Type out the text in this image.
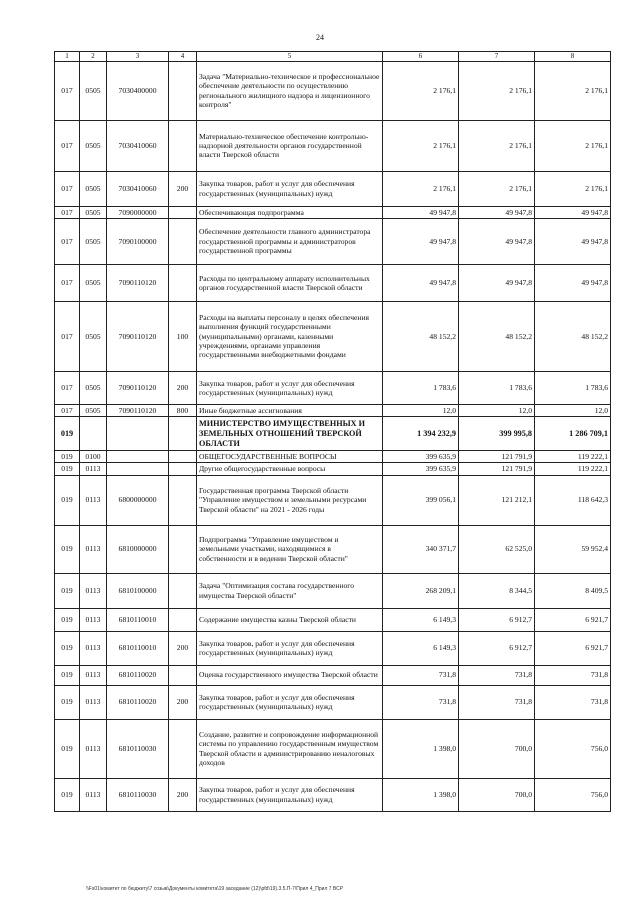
24
1	2	3	4	5	6	7	8
017	0505	7030400000		Задача "Материально-техническое и профессиональное обеспечение деятельности по осуществлению регионального жилищного надзора и лицензионного контроля"	2 176,1	2 176,1	2 176,1
017	0505	7030410060		Материально-техническое обеспечение контрольно-надзорной деятельности органов государственной власти Тверской области	2 176,1	2 176,1	2 176,1
017	0505	7030410060	200	Закупка товаров, работ и услуг для обеспечения государственных (муниципальных) нужд	2 176,1	2 176,1	2 176,1
017	0505	7090000000		Обеспечивающая подпрограмма	49 947,8	49 947,8	49 947,8
017	0505	7090100000		Обеспечение деятельности главного администратора государственной программы и администраторов государственной программы	49 947,8	49 947,8	49 947,8
017	0505	7090110120		Расходы по центральному аппарату исполнительных органов государственной власти Тверской области	49 947,8	49 947,8	49 947,8
017	0505	7090110120	100	Расходы на выплаты персоналу в целях обеспечения выполнения функций государственными (муниципальными) органами, казенными учреждениями, органами управления государственными внебюджетными фондами	48 152,2	48 152,2	48 152,2
017	0505	7090110120	200	Закупка товаров, работ и услуг для обеспечения государственных (муниципальных) нужд	1 783,6	1 783,6	1 783,6
017	0505	7090110120	800	Иные бюджетные ассигнования	12,0	12,0	12,0
019				МИНИСТЕРСТВО ИМУЩЕСТВЕННЫХ И ЗЕМЕЛЬНЫХ ОТНОШЕНИЙ ТВЕРСКОЙ ОБЛАСТИ	1 394 232,9	399 995,8	1 286 709,1
019	0100			ОБЩЕГОСУДАРСТВЕННЫЕ ВОПРОСЫ	399 635,9	121 791,9	119 222,1
019	0113			Другие общегосударственные вопросы	399 635,9	121 791,9	119 222,1
019	0113	6800000000		Государственная программа Тверской области "Управление имуществом и земельными ресурсами Тверской области" на 2021 - 2026 годы	399 056,1	121 212,1	118 642,3
019	0113	6810000000		Подпрограмма "Управление имуществом и земельными участками, находящимися в собственности и в ведении Тверской области"	340 371,7	62 525,0	59 952,4
019	0113	6810100000		Задача "Оптимизация состава государственного имущества Тверской области"	268 209,1	8 344,5	8 409,5
019	0113	6810110010		Содержание имущества казны Тверской области	6 149,3	6 912,7	6 921,7
019	0113	6810110010	200	Закупка товаров, работ и услуг для обеспечения государственных (муниципальных) нужд	6 149,3	6 912,7	6 921,7
019	0113	6810110020		Оценка государственного имущества Тверской области	731,8	731,8	731,8
019	0113	6810110020	200	Закупка товаров, работ и услуг для обеспечения государственных (муниципальных) нужд	731,8	731,8	731,8
019	0113	6810110030		Создание, развитие и сопровождение информационной системы по управлению государственным имуществом Тверской области и администрированию неналоговых доходов	1 398,0	700,0	756,0
019	0113	6810110030	200	Закупка товаров, работ и услуг для обеспечения государственных (муниципальных) нужд	1 398,0	700,0	756,0
\\Fs01\комитет по бюджету\7 созыв\Документы комитета\19 заседание (12)\pfd\19).3.5.П-7\Прил 4_Прил 7 ВСР
